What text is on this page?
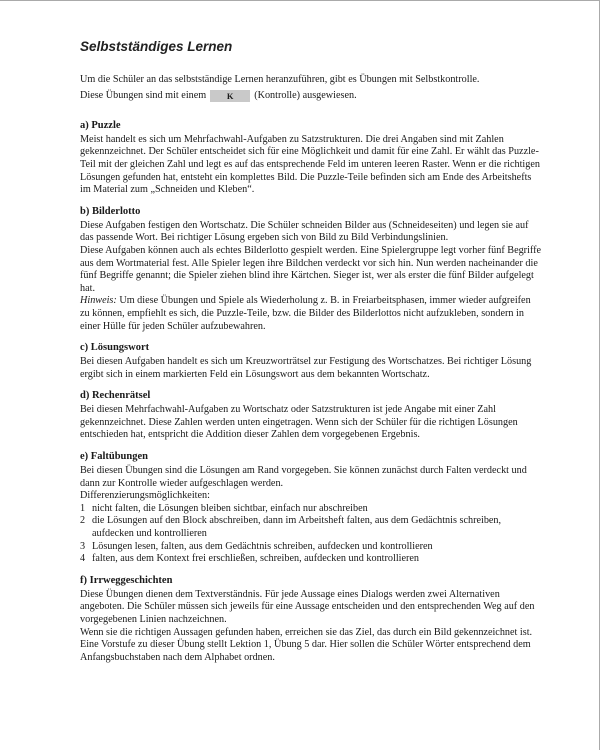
Selbstständiges Lernen

Um die Schüler an das selbstständige Lernen heranzuführen, gibt es Übungen mit Selbstkontrolle.

Diese Übungen sind mit einem K (Kontrolle) ausgewiesen.

a) Puzzle

Meist handelt es sich um Mehrfachwahl-Aufgaben zu Satzstrukturen. Die drei Angaben sind mit Zahlen gekennzeichnet. Der Schüler entscheidet sich für eine Möglichkeit und damit für eine Zahl. Er wählt das Puzzle-Teil mit der gleichen Zahl und legt es auf das entsprechende Feld im unteren leeren Raster. Wenn er die richtigen Lösungen gefunden hat, entsteht ein komplettes Bild. Die Puzzle-Teile befinden sich am Ende des Arbeitshefts im Material zum „Schneiden und Kleben“.

b) Bilderlotto

Diese Aufgaben festigen den Wortschatz. Die Schüler schneiden Bilder aus (Schneideseiten) und legen sie auf das passende Wort. Bei richtiger Lösung ergeben sich von Bild zu Bild Verbindungslinien.

Diese Aufgaben können auch als echtes Bilderlotto gespielt werden. Eine Spielergruppe legt vorher fünf Begriffe aus dem Wortmaterial fest. Alle Spieler legen ihre Bildchen verdeckt vor sich hin. Nun werden nacheinander die fünf Begriffe genannt; die Spieler ziehen blind ihre Kärtchen. Sieger ist, wer als erster die fünf Bilder aufgelegt hat.

Hinweis: Um diese Übungen und Spiele als Wiederholung z. B. in Freiarbeitsphasen, immer wieder aufgreifen zu können, empfiehlt es sich, die Puzzle-Teile, bzw. die Bilder des Bilderlottos nicht aufzukleben, sondern in einer Hülle für jeden Schüler aufzubewahren.

c) Lösungswort

Bei diesen Aufgaben handelt es sich um Kreuzworträtsel zur Festigung des Wortschatzes. Bei richtiger Lösung ergibt sich in einem markierten Feld ein Lösungswort aus dem bekannten Wortschatz.

d) Rechenrätsel

Bei diesen Mehrfachwahl-Aufgaben zu Wortschatz oder Satzstrukturen ist jede Angabe mit einer Zahl gekennzeichnet. Diese Zahlen werden unten eingetragen. Wenn sich der Schüler für die richtigen Lösungen entschieden hat, entspricht die Addition dieser Zahlen dem vorgegebenen Ergebnis.

e) Faltübungen

Bei diesen Übungen sind die Lösungen am Rand vorgegeben. Sie können zunächst durch Falten verdeckt und dann zur Kontrolle wieder aufgeschlagen werden.

Differenzierungsmöglichkeiten:

1 nicht falten, die Lösungen bleiben sichtbar, einfach nur abschreiben
2 die Lösungen auf den Block abschreiben, dann im Arbeitsheft falten, aus dem Gedächtnis schreiben, aufdecken und kontrollieren
3 Lösungen lesen, falten, aus dem Gedächtnis schreiben, aufdecken und kontrollieren
4 falten, aus dem Kontext frei erschließen, schreiben, aufdecken und kontrollieren
f) Irrweggeschichten

Diese Übungen dienen dem Textverständnis. Für jede Aussage eines Dialogs werden zwei Alternativen angeboten. Die Schüler müssen sich jeweils für eine Aussage entscheiden und den entsprechenden Weg auf den vorgegebenen Linien nachzeichnen.

Wenn sie die richtigen Aussagen gefunden haben, erreichen sie das Ziel, das durch ein Bild gekennzeichnet ist. Eine Vorstufe zu dieser Übung stellt Lektion 1, Übung 5 dar. Hier sollen die Schüler Wörter entsprechend dem Anfangsbuchstaben nach dem Alphabet ordnen.
